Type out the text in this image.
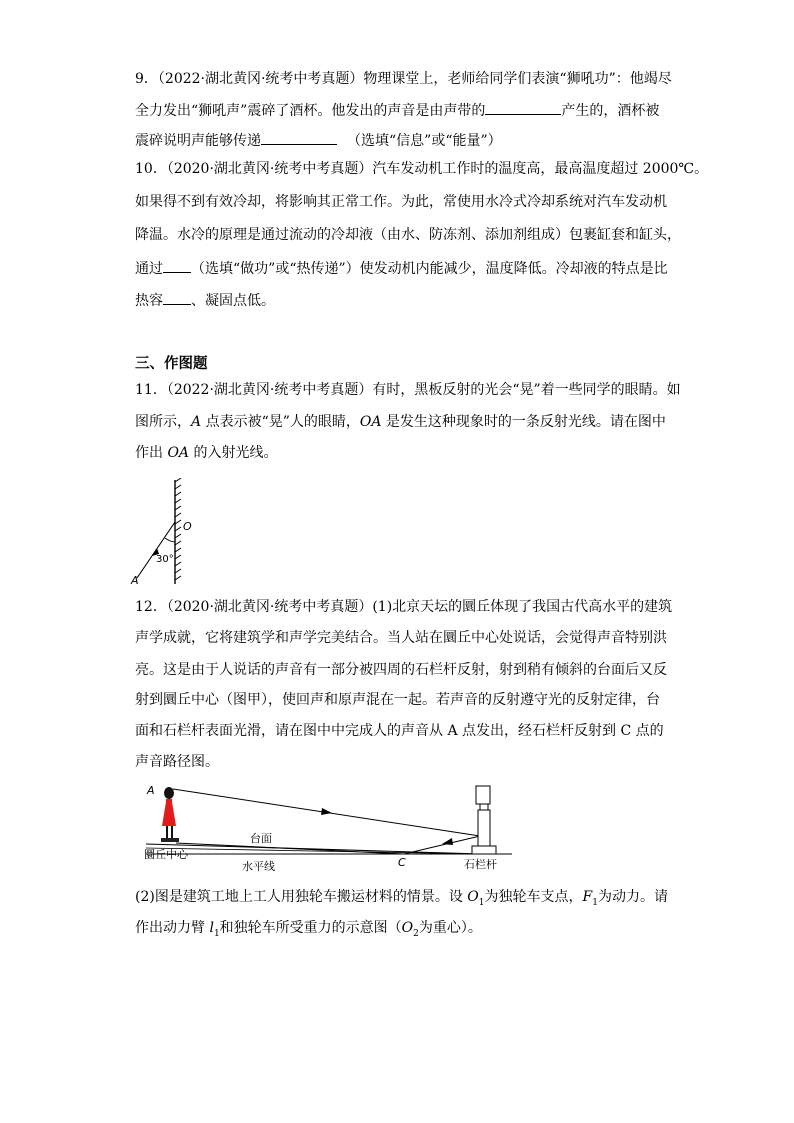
9．（2022·湖北黄冈·统考中考真题）物理课堂上，老师给同学们表演“狮吼功”：他竭尽
全力发出“狮吼声”震碎了酒杯。他发出的声音是由声带的	产生的，酒杯被
震碎说明声能够传递	（选填“信息”或“能量”）
10．（2020·湖北黄冈·统考中考真题）汽车发动机工作时的温度高，最高温度超过 2000℃。
如果得不到有效冷却，将影响其正常工作。为此，常使用水冷式冷却系统对汽车发动机
降温。水冷的原理是通过流动的冷却液（由水、防冻剂、添加剂组成）包裹缸套和缸头，
通过 （选填“做功”或“热传递”）使发动机内能减少，温度降低。冷却液的特点是比
热容 、凝固点低。
三、作图题
11．（2022·湖北黄冈·统考中考真题）有时，黑板反射的光会“晃”着一些同学的眼睛。如
图所示，A 点表示被“晃”人的眼睛，OA 是发生这种现象时的一条反射光线。请在图中
作出 OA 的入射光线。
O
A
30°
12．（2020·湖北黄冈·统考中考真题）(1)北京天坛的圜丘体现了我国古代高水平的建筑
声学成就，它将建筑学和声学完美结合。当人站在圜丘中心处说话，会觉得声音特别洪
亮。这是由于人说话的声音有一部分被四周的石栏杆反射，射到稍有倾斜的台面后又反
射到圜丘中心（图甲），使回声和原声混在一起。若声音的反射遵守光的反射定律，台
面和石栏杆表面光滑，请在图中中完成人的声音从 A 点发出，经石栏杆反射到 C 点的
声音路径图。
A
C
台面
水平线
圜丘中心
石栏杆
(2)图是建筑工地上工人用独轮车搬运材料的情景。设 $O_1$为独轮车支点，$F_1$为动力。请
作出动力臂 $l_1$和独轮车所受重力的示意图（$O_2$为重心）。
